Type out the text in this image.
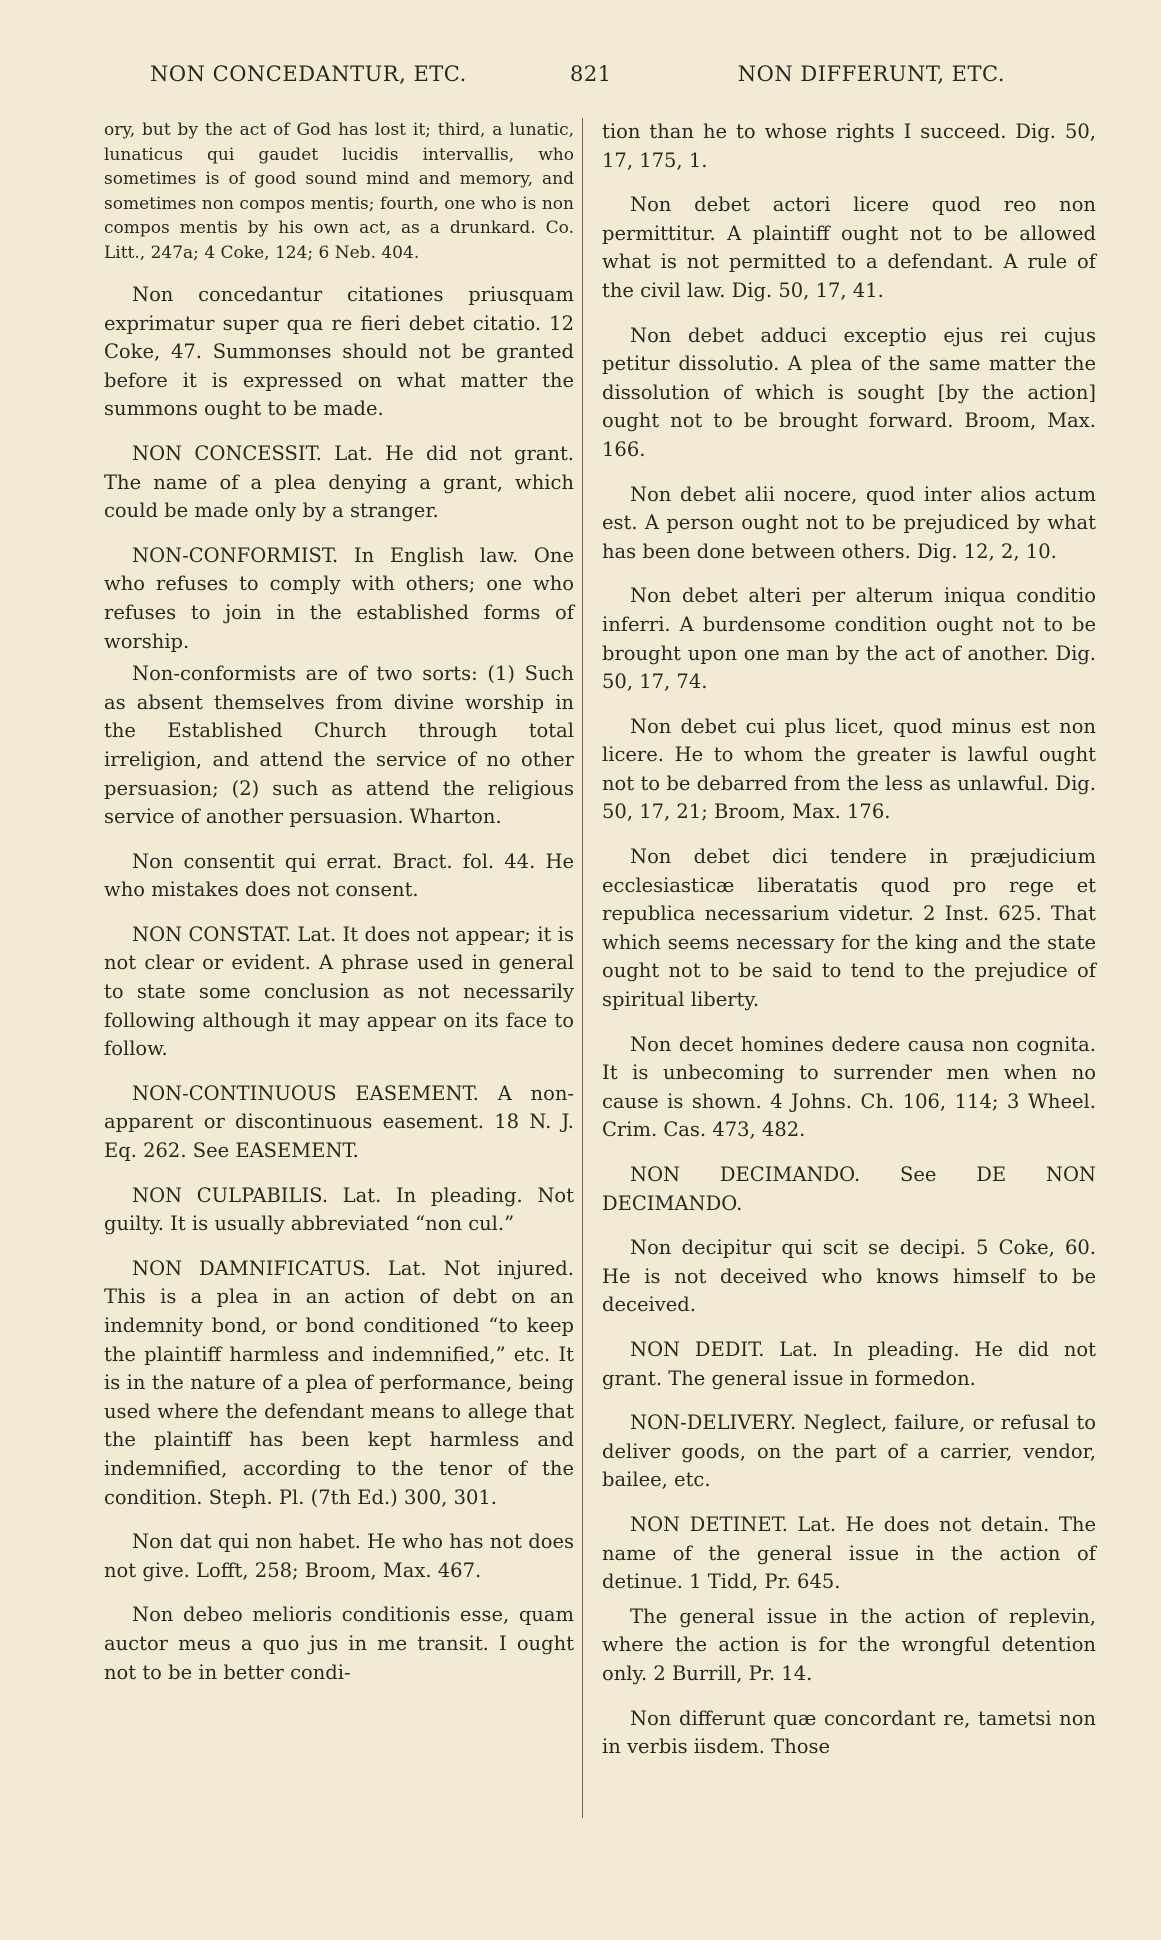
NON CONCEDANTUR, ETC.	821	NON DIFFERUNT, ETC.

ory, but by the act of God has lost it; third, a lunatic, lunaticus qui gaudet lucidis intervallis, who sometimes is of good sound mind and memory, and sometimes non compos mentis; fourth, one who is non compos mentis by his own act, as a drunkard. Co. Litt., 247a; 4 Coke, 124; 6 Neb. 404.

Non concedantur citationes priusquam exprimatur super qua re fieri debet citatio. 12 Coke, 47. Summonses should not be granted before it is expressed on what matter the summons ought to be made.

NON CONCESSIT. Lat. He did not grant. The name of a plea denying a grant, which could be made only by a stranger.

NON-CONFORMIST. In English law. One who refuses to comply with others; one who refuses to join in the established forms of worship.

Non-conformists are of two sorts: (1) Such as absent themselves from divine worship in the Established Church through total irreligion, and attend the service of no other persuasion; (2) such as attend the religious service of another persuasion. Wharton.

Non consentit qui errat. Bract. fol. 44. He who mistakes does not consent.

NON CONSTAT. Lat. It does not appear; it is not clear or evident. A phrase used in general to state some conclusion as not necessarily following although it may appear on its face to follow.

NON-CONTINUOUS EASEMENT. A non-apparent or discontinuous easement. 18 N. J. Eq. 262. See EASEMENT.

NON CULPABILIS. Lat. In pleading. Not guilty. It is usually abbreviated “non cul.”

NON DAMNIFICATUS. Lat. Not injured. This is a plea in an action of debt on an indemnity bond, or bond conditioned “to keep the plaintiff harmless and indemnified,” etc. It is in the nature of a plea of performance, being used where the defendant means to allege that the plaintiff has been kept harmless and indemnified, according to the tenor of the condition. Steph. Pl. (7th Ed.) 300, 301.

Non dat qui non habet. He who has not does not give. Lofft, 258; Broom, Max. 467.

Non debeo melioris conditionis esse, quam auctor meus a quo jus in me transit. I ought not to be in better condi-

tion than he to whose rights I succeed. Dig. 50, 17, 175, 1.

Non debet actori licere quod reo non permittitur. A plaintiff ought not to be allowed what is not permitted to a defendant. A rule of the civil law. Dig. 50, 17, 41.

Non debet adduci exceptio ejus rei cujus petitur dissolutio. A plea of the same matter the dissolution of which is sought [by the action] ought not to be brought forward. Broom, Max. 166.

Non debet alii nocere, quod inter alios actum est. A person ought not to be prejudiced by what has been done between others. Dig. 12, 2, 10.

Non debet alteri per alterum iniqua conditio inferri. A burdensome condition ought not to be brought upon one man by the act of another. Dig. 50, 17, 74.

Non debet cui plus licet, quod minus est non licere. He to whom the greater is lawful ought not to be debarred from the less as unlawful. Dig. 50, 17, 21; Broom, Max. 176.

Non debet dici tendere in præjudicium ecclesiasticæ liberatatis quod pro rege et republica necessarium videtur. 2 Inst. 625. That which seems necessary for the king and the state ought not to be said to tend to the prejudice of spiritual liberty.

Non decet homines dedere causa non cognita. It is unbecoming to surrender men when no cause is shown. 4 Johns. Ch. 106, 114; 3 Wheel. Crim. Cas. 473, 482.

NON DECIMANDO. See DE NON DECIMANDO.

Non decipitur qui scit se decipi. 5 Coke, 60. He is not deceived who knows himself to be deceived.

NON DEDIT. Lat. In pleading. He did not grant. The general issue in formedon.

NON-DELIVERY. Neglect, failure, or refusal to deliver goods, on the part of a carrier, vendor, bailee, etc.

NON DETINET. Lat. He does not detain. The name of the general issue in the action of detinue. 1 Tidd, Pr. 645.

The general issue in the action of replevin, where the action is for the wrongful detention only. 2 Burrill, Pr. 14.

Non differunt quæ concordant re, tametsi non in verbis iisdem. Those
